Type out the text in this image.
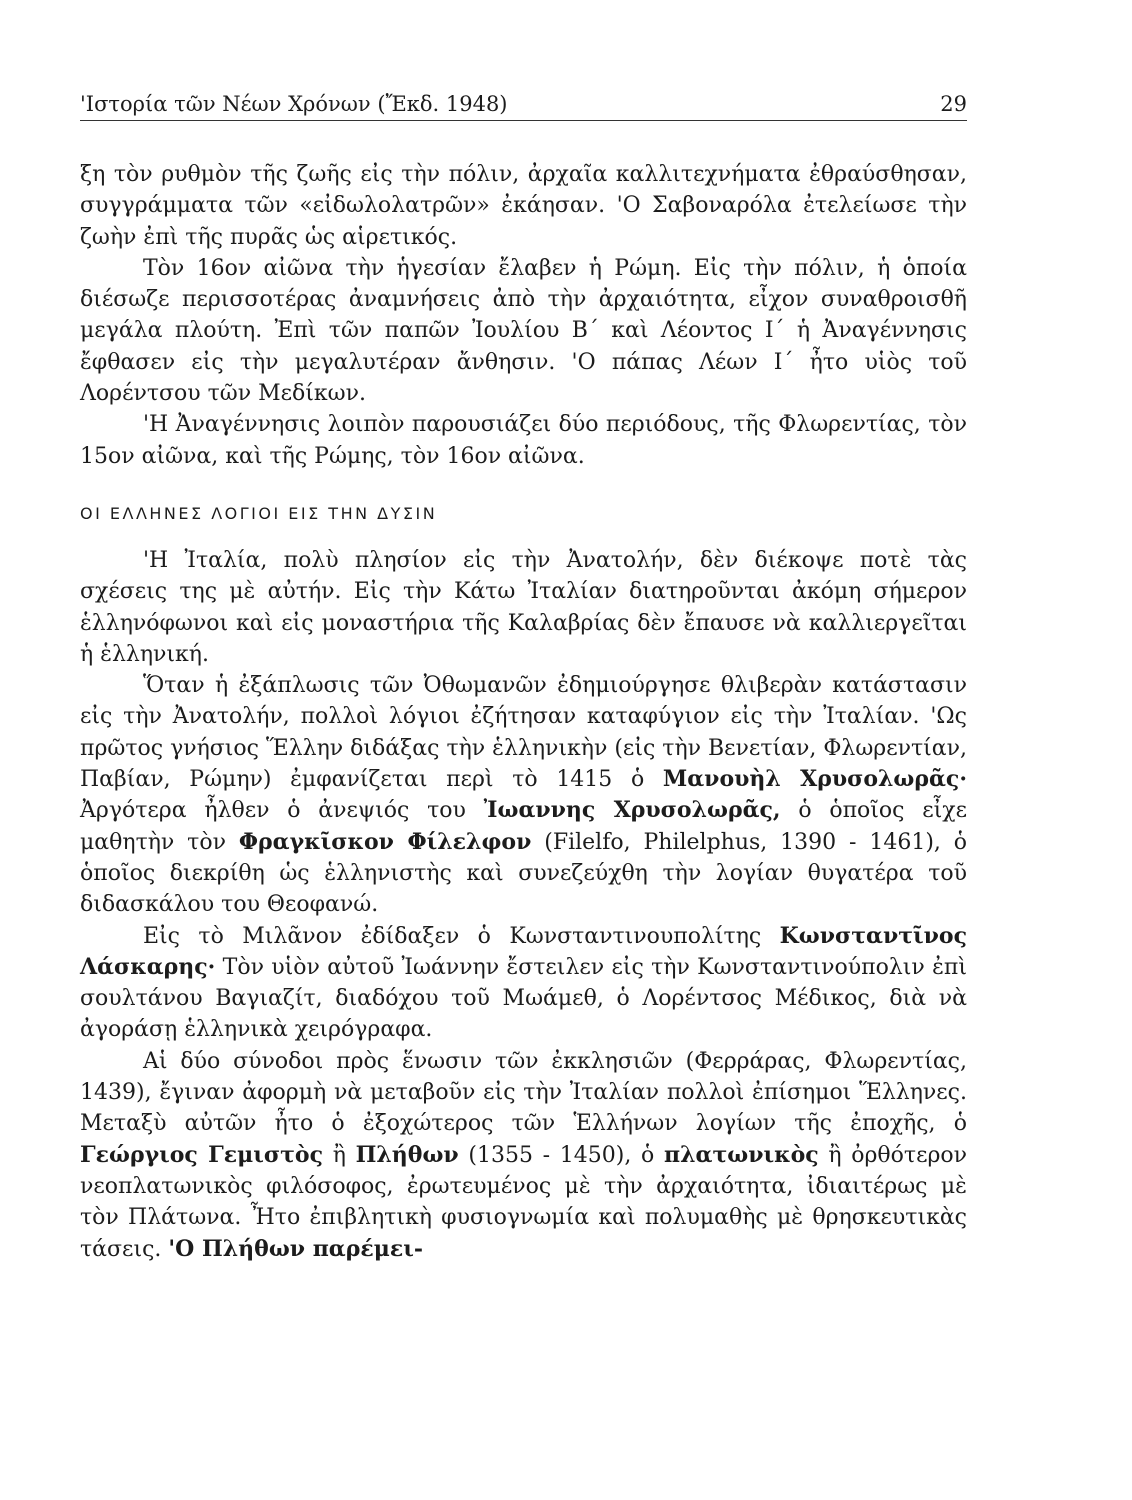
'Ιστορία τῶν Νέων Χρόνων (Ἔκδ. 1948)	29

ξη τὸν ρυθμὸν τῆς ζωῆς εἰς τὴν πόλιν, ἀρχαῖα καλλιτεχνήματα ἐθραύσθησαν, συγγράμματα τῶν «εἰδωλολατρῶν» ἐκάησαν. 'Ο Σαβοναρόλα ἐτελείωσε τὴν ζωὴν ἐπὶ τῆς πυρᾶς ὡς αἱρετικός.

Τὸν 16ον αἰῶνα τὴν ἡγεσίαν ἔλαβεν ἡ Ρώμη. Εἰς τὴν πόλιν, ἡ ὁποία διέσωζε περισσοτέρας ἀναμνήσεις ἀπὸ τὴν ἀρχαιότητα, εἶχον συναθροισθῆ μεγάλα πλούτη. Ἐπὶ τῶν παπῶν Ἰουλίου Β΄ καὶ Λέοντος Ι΄ ἡ Ἀναγέννησις ἔφθασεν εἰς τὴν μεγαλυτέραν ἄνθησιν. 'Ο πάπας Λέων Ι΄ ἦτο υἱὸς τοῦ Λορέντσου τῶν Μεδίκων.

'Η Ἀναγέννησις λοιπὸν παρουσιάζει δύο περιόδους, τῆς Φλωρεντίας, τὸν 15ον αἰῶνα, καὶ τῆς Ρώμης, τὸν 16ον αἰῶνα.

ΟΙ ΕΛΛΗΝΕΣ ΛΟΓΙΟΙ ΕΙΣ ΤΗΝ ΔΥΣΙΝ

'Η Ἰταλία, πολὺ πλησίον εἰς τὴν Ἀνατολήν, δὲν διέκοψε ποτὲ τὰς σχέσεις της μὲ αὐτήν. Εἰς τὴν Κάτω Ἰταλίαν διατηροῦνται ἀκόμη σήμερον ἑλληνόφωνοι καὶ εἰς μοναστήρια τῆς Καλαβρίας δὲν ἔπαυσε νὰ καλλιεργεῖται ἡ ἑλληνική.

Ὅταν ἡ ἐξάπλωσις τῶν Ὀθωμανῶν ἐδημιούργησε θλιβερὰν κατάστασιν εἰς τὴν Ἀνατολήν, πολλοὶ λόγιοι ἐζήτησαν καταφύγιον εἰς τὴν Ἰταλίαν. 'Ως πρῶτος γνήσιος Ἕλλην διδάξας τὴν ἑλληνικὴν (εἰς τὴν Βενετίαν, Φλωρεντίαν, Παβίαν, Ρώμην) ἐμφανίζεται περὶ τὸ 1415 ὁ Μανουὴλ Χρυσολωρᾶς· Ἀργότερα ἦλθεν ὁ ἀνεψιός του Ἰωαννης Χρυσολωρᾶς, ὁ ὁποῖος εἶχε μαθητὴν τὸν Φραγκῖσκον Φίλελφον (Filelfo, Philelphus, 1390 - 1461), ὁ ὁποῖος διεκρίθη ὡς ἑλληνιστὴς καὶ συνεζεύχθη τὴν λογίαν θυγατέρα τοῦ διδασκάλου του Θεοφανώ.

Εἰς τὸ Μιλᾶνον ἐδίδαξεν ὁ Κωνσταντινουπολίτης Κωνσταντῖνος Λάσκαρης· Τὸν υἱὸν αὐτοῦ Ἰωάννην ἔστειλεν εἰς τὴν Κωνσταντινούπολιν ἐπὶ σουλτάνου Βαγιαζίτ, διαδόχου τοῦ Μωάμεθ, ὁ Λορέντσος Μέδικος, διὰ νὰ ἀγοράσῃ ἑλληνικὰ χειρόγραφα.

Αἱ δύο σύνοδοι πρὸς ἕνωσιν τῶν ἐκκλησιῶν (Φερράρας, Φλωρεντίας, 1439), ἔγιναν ἀφορμὴ νὰ μεταβοῦν εἰς τὴν Ἰταλίαν πολλοὶ ἐπίσημοι Ἕλληνες. Μεταξὺ αὐτῶν ἦτο ὁ ἐξοχώτερος τῶν Ἑλλήνων λογίων τῆς ἐποχῆς, ὁ Γεώργιος Γεμιστὸς ἢ Πλήθων (1355 - 1450), ὁ πλατωνικὸς ἢ ὀρθότερον νεοπλατωνικὸς φιλόσοφος, ἐρωτευμένος μὲ τὴν ἀρχαιότητα, ἰδιαιτέρως μὲ τὸν Πλάτωνα. Ἦτο ἐπιβλητικὴ φυσιογνωμία καὶ πολυμαθὴς μὲ θρησκευτικὰς τάσεις. 'Ο Πλήθων παρέμει-
